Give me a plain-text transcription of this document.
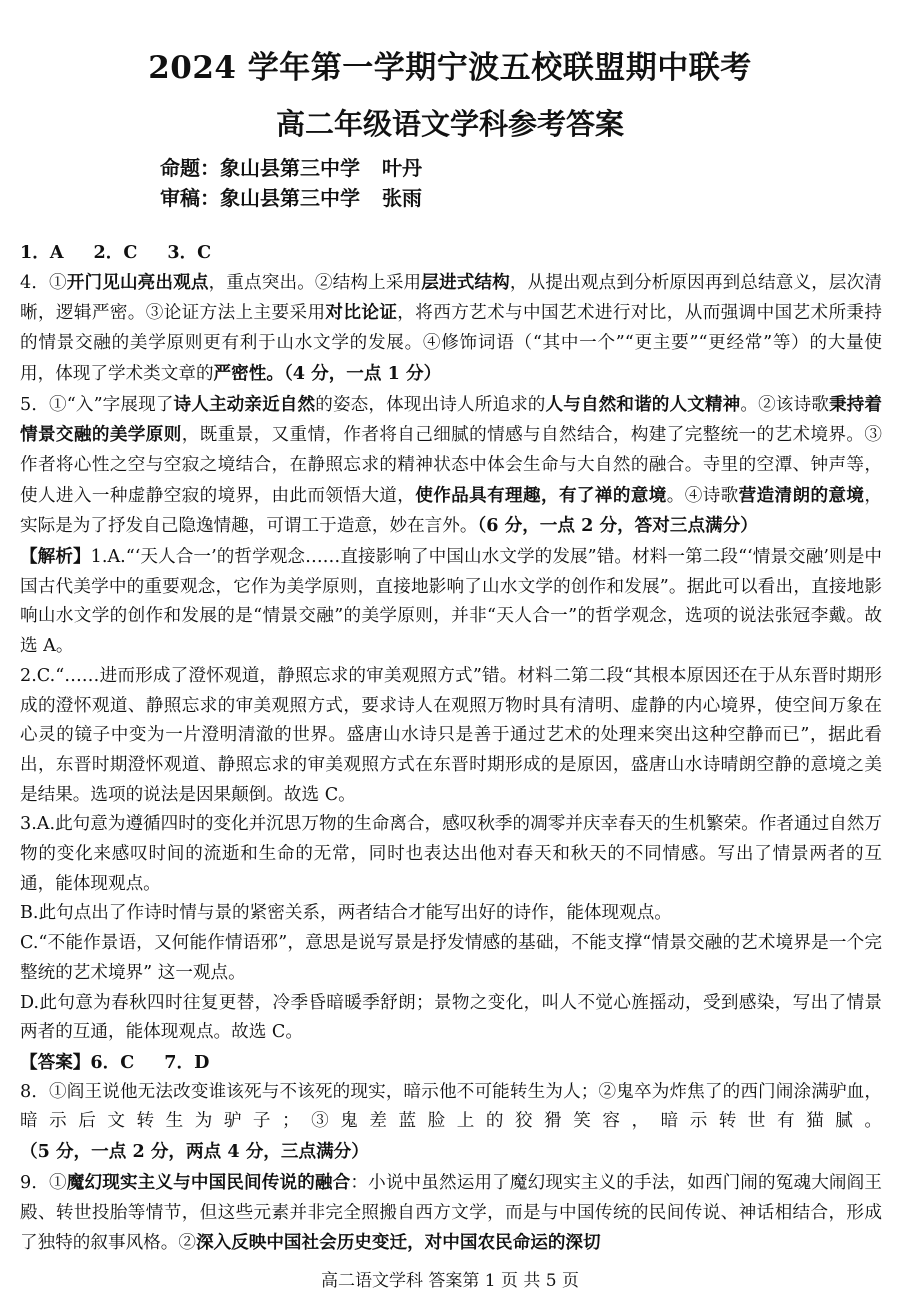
2024 学年第一学期宁波五校联盟期中联考
高二年级语文学科参考答案
命题：象山县第三中学 叶丹
审稿：象山县第三中学 张雨

1．A 2．C 3．C

4．①开门见山亮出观点，重点突出。②结构上采用层进式结构，从提出观点到分析原因再到总结意义，层次清晰，逻辑严密。③论证方法上主要采用对比论证，将西方艺术与中国艺术进行对比，从而强调中国艺术所秉持的情景交融的美学原则更有利于山水文学的发展。④修饰词语（“其中一个”“更主要”“更经常”等）的大量使用，体现了学术类文章的严密性。（4 分，一点 1 分）

5．①“入”字展现了诗人主动亲近自然的姿态，体现出诗人所追求的人与自然和谐的人文精神。②该诗歌秉持着情景交融的美学原则，既重景，又重情，作者将自己细腻的情感与自然结合，构建了完整统一的艺术境界。③作者将心性之空与空寂之境结合，在静照忘求的精神状态中体会生命与大自然的融合。寺里的空潭、钟声等，使人进入一种虚静空寂的境界，由此而领悟大道，使作品具有理趣，有了禅的意境。④诗歌营造清朗的意境，实际是为了抒发自己隐逸情趣，可谓工于造意，妙在言外。（6 分，一点 2 分，答对三点满分）

【解析】1.A.“‘天人合一’的哲学观念……直接影响了中国山水文学的发展”错。材料一第二段“‘情景交融’则是中国古代美学中的重要观念，它作为美学原则，直接地影响了山水文学的创作和发展”。据此可以看出，直接地影响山水文学的创作和发展的是“情景交融”的美学原则，并非“天人合一”的哲学观念，选项的说法张冠李戴。故选 A。

2.C.“……进而形成了澄怀观道，静照忘求的审美观照方式”错。材料二第二段“其根本原因还在于从东晋时期形成的澄怀观道、静照忘求的审美观照方式，要求诗人在观照万物时具有清明、虚静的内心境界，使空间万象在心灵的镜子中变为一片澄明清澈的世界。盛唐山水诗只是善于通过艺术的处理来突出这种空静而已”，据此看出，东晋时期澄怀观道、静照忘求的审美观照方式在东晋时期形成的是原因，盛唐山水诗晴朗空静的意境之美是结果。选项的说法是因果颠倒。故选 C。

3.A.此句意为遵循四时的变化并沉思万物的生命离合，感叹秋季的凋零并庆幸春天的生机繁荣。作者通过自然万物的变化来感叹时间的流逝和生命的无常，同时也表达出他对春天和秋天的不同情感。写出了情景两者的互通，能体现观点。

B.此句点出了作诗时情与景的紧密关系，两者结合才能写出好的诗作，能体现观点。

C.“不能作景语，又何能作情语邪”，意思是说写景是抒发情感的基础，不能支撑“情景交融的艺术境界是一个完整统的艺术境界” 这一观点。

D.此句意为春秋四时往复更替，冷季昏暗暖季舒朗；景物之变化，叫人不觉心旌摇动，受到感染，写出了情景两者的互通，能体现观点。故选 C。

【答案】6．C 7．D

8．①阎王说他无法改变谁该死与不该死的现实，暗示他不可能转生为人；②鬼卒为炸焦了的西门闹涂满驴血，暗示后文转生为驴子；③鬼差蓝脸上的狡猾笑容，暗示转世有猫腻。（5 分，一点 2 分，两点 4 分，三点满分）

9．①魔幻现实主义与中国民间传说的融合：小说中虽然运用了魔幻现实主义的手法，如西门闹的冤魂大闹阎王殿、转世投胎等情节，但这些元素并非完全照搬自西方文学，而是与中国传统的民间传说、神话相结合，形成了独特的叙事风格。②深入反映中国社会历史变迁，对中国农民命运的深切

高二语文学科 答案第 1 页 共 5 页
